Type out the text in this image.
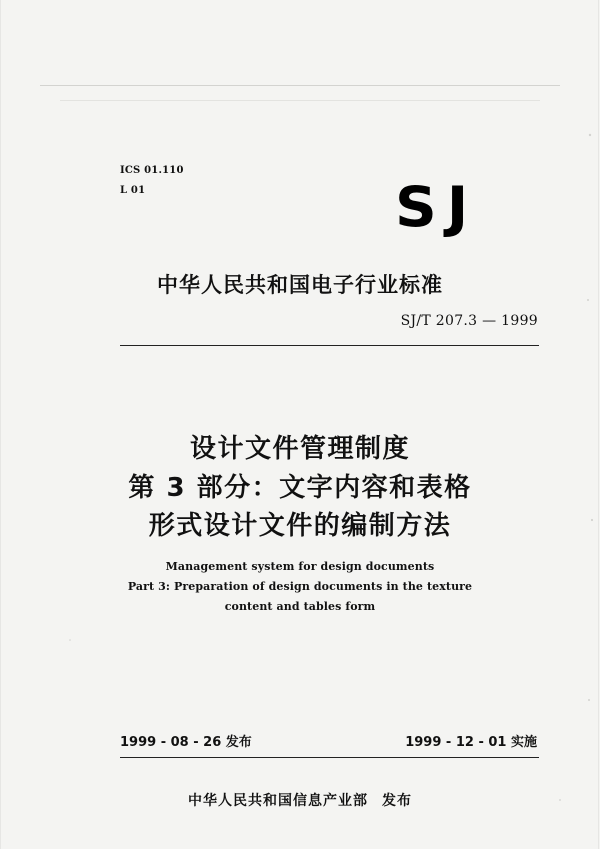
ICS 01.110
L 01	SJ
中华人民共和国电子行业标准
SJ/T 207.3 — 1999
设计文件管理制度
第 3 部分：文字内容和表格
形式设计文件的编制方法
Management system for design documents
Part 3: Preparation of design documents in the texture
content and tables form
1999 - 08 - 26 发布	1999 - 12 - 01 实施
中华人民共和国信息产业部 发布
